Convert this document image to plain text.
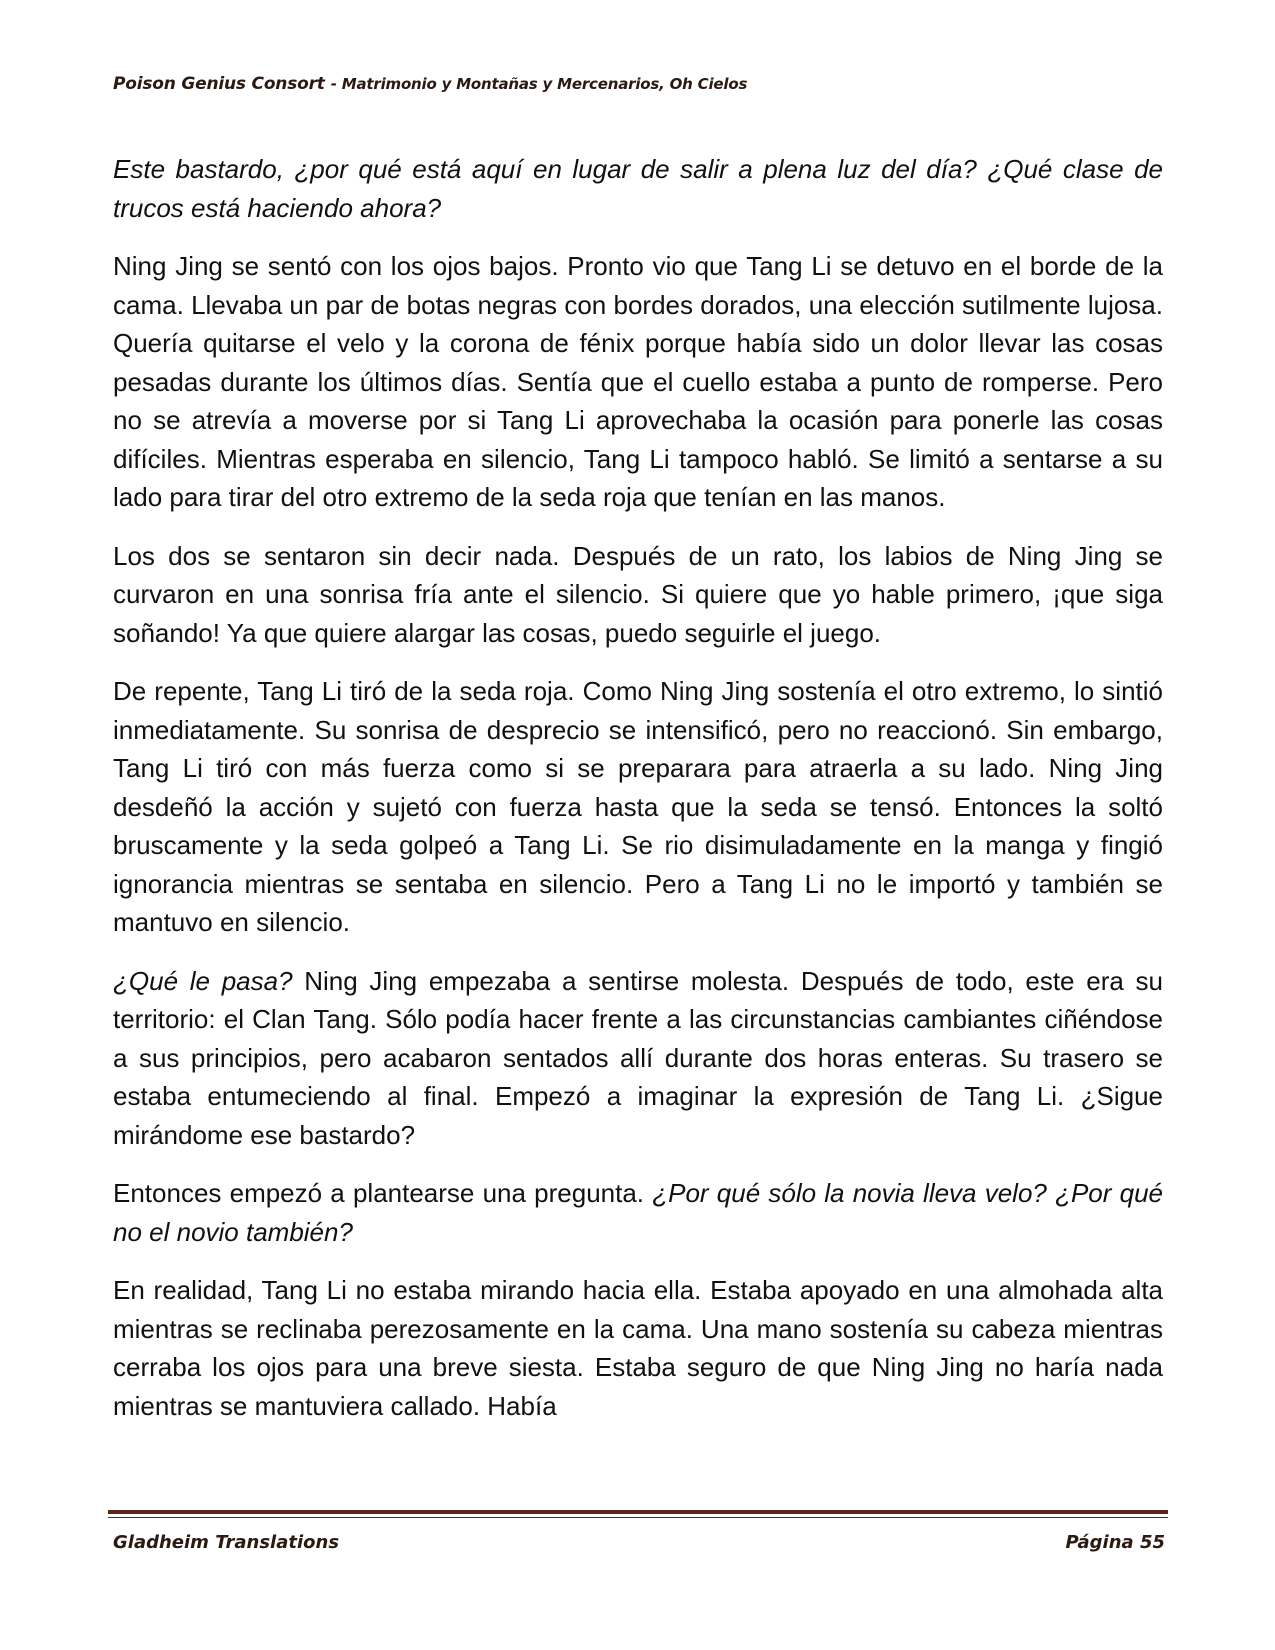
Poison Genius Consort - Matrimonio y Montañas y Mercenarios, Oh Cielos

Este bastardo, ¿por qué está aquí en lugar de salir a plena luz del día? ¿Qué clase de trucos está haciendo ahora?

Ning Jing se sentó con los ojos bajos. Pronto vio que Tang Li se detuvo en el borde de la cama. Llevaba un par de botas negras con bordes dorados, una elección sutilmente lujosa. Quería quitarse el velo y la corona de fénix porque había sido un dolor llevar las cosas pesadas durante los últimos días. Sentía que el cuello estaba a punto de romperse. Pero no se atrevía a moverse por si Tang Li aprovechaba la ocasión para ponerle las cosas difíciles. Mientras esperaba en silencio, Tang Li tampoco habló. Se limitó a sentarse a su lado para tirar del otro extremo de la seda roja que tenían en las manos.

Los dos se sentaron sin decir nada. Después de un rato, los labios de Ning Jing se curvaron en una sonrisa fría ante el silencio. Si quiere que yo hable primero, ¡que siga soñando! Ya que quiere alargar las cosas, puedo seguirle el juego.

De repente, Tang Li tiró de la seda roja. Como Ning Jing sostenía el otro extremo, lo sintió inmediatamente. Su sonrisa de desprecio se intensificó, pero no reaccionó. Sin embargo, Tang Li tiró con más fuerza como si se preparara para atraerla a su lado. Ning Jing desdeñó la acción y sujetó con fuerza hasta que la seda se tensó. Entonces la soltó bruscamente y la seda golpeó a Tang Li. Se rio disimuladamente en la manga y fingió ignorancia mientras se sentaba en silencio. Pero a Tang Li no le importó y también se mantuvo en silencio.

¿Qué le pasa? Ning Jing empezaba a sentirse molesta. Después de todo, este era su territorio: el Clan Tang. Sólo podía hacer frente a las circunstancias cambiantes ciñéndose a sus principios, pero acabaron sentados allí durante dos horas enteras. Su trasero se estaba entumeciendo al final. Empezó a imaginar la expresión de Tang Li. ¿Sigue mirándome ese bastardo?

Entonces empezó a plantearse una pregunta. ¿Por qué sólo la novia lleva velo? ¿Por qué no el novio también?

En realidad, Tang Li no estaba mirando hacia ella. Estaba apoyado en una almohada alta mientras se reclinaba perezosamente en la cama. Una mano sostenía su cabeza mientras cerraba los ojos para una breve siesta. Estaba seguro de que Ning Jing no haría nada mientras se mantuviera callado. Había

Gladheim Translations	Página 55
